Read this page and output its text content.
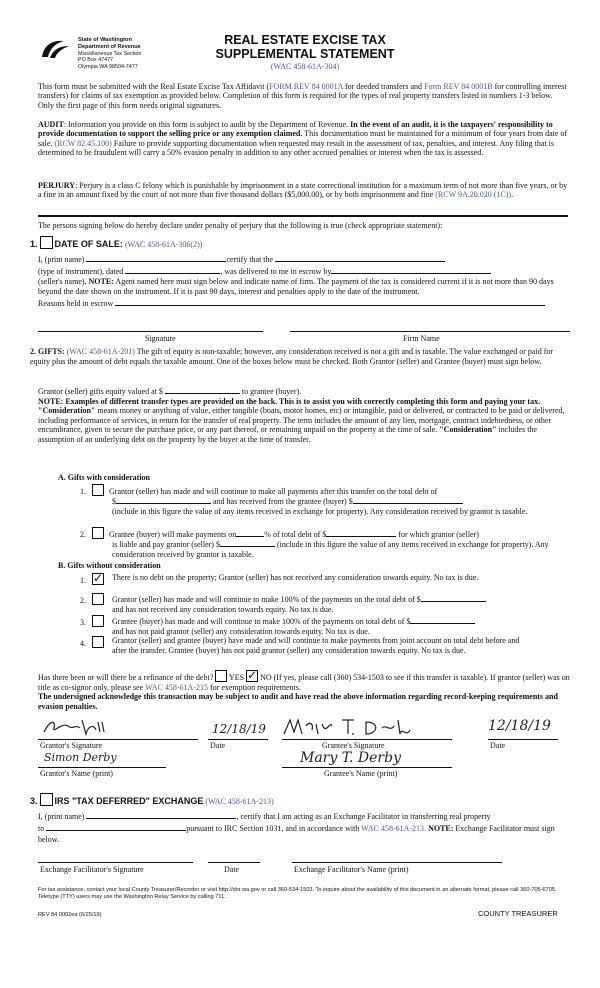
State of Washington
Department of Revenue
Miscellaneous Tax Section
PO Box 47477
Olympia WA 98504-7477
REAL ESTATE EXCISE TAX
SUPPLEMENTAL STATEMENT
(WAC 458-61A-304)
This form must be submitted with the Real Estate Excise Tax Affidavit (FORM REV 84 0001A for deeded transfers and Form REV 84 0001B for controlling interest transfers) for claims of tax exemption as provided below. Completion of this form is required for the types of real property transfers listed in numbers 1-3 below. Only the first page of this form needs original signatures.
AUDIT: Information you provide on this form is subject to audit by the Department of Revenue. In the event of an audit, it is the taxpayers' responsibility to provide documentation to support the selling price or any exemption claimed. This documentation must be maintained for a minimum of four years from date of sale. (RCW 82.45.100) Failure to provide supporting documentation when requested may result in the assessment of tax, penalties, and interest. Any filing that is determined to be fraudulent will carry a 50% evasion penalty in addition to any other accrued penalties or interest when the tax is assessed.
PERJURY: Perjury is a class C felony which is punishable by imprisonment in a state correctional institution for a maximum term of not more than five years, or by a fine in an amount fixed by the court of not more than five thousand dollars ($5,000.00), or by both imprisonment and fine (RCW 9A.20.020 (1C)).
The persons signing below do hereby declare under penalty of perjury that the following is true (check appropriate statement):
1. DATE OF SALE: (WAC 458-61A-306(2))
I, (print name)	certify that the
(type of instrument), dated	, was delivered to me in escrow by
(seller's name). NOTE: Agent named here must sign below and indicate name of firm. The payment of the tax is considered current if it is not more than 90 days beyond the date shown on the instrument. If it is past 90 days, interest and penalties apply to the date of the instrument.
Reasons held in escrow
Signature	Firm Name
2. GIFTS: (WAC 458-61A-201) The gift of equity is non-taxable; however, any consideration received is not a gift and is taxable. The value exchanged or paid for equity plus the amount of debt equals the taxable amount. One of the boxes below must be checked. Both Grantor (seller) and Grantee (buyer) must sign below.
Grantor (seller) gifts equity valued at $	to grantee (buyer).
NOTE: Examples of different transfer types are provided on the back. This is to assist you with correctly completing this form and paying your tax.
"Consideration" means money or anything of value, either tangible (boats, motor homes, etc) or intangible, paid or delivered, or contracted to be paid or delivered, including performance of services, in return for the transfer of real property. The term includes the amount of any lien, mortgage, contract indebtedness, or other encumbrance, given to secure the purchase price, or any part thereof, or remaining unpaid on the property at the time of sale. "Consideration" includes the assumption of an underlying debt on the property by the buyer at the time of transfer.
A. Gifts with consideration
1.	Grantor (seller) has made and will continue to make all payments after this transfer on the total debt of
$	and has received from the grantee (buyer) $
(include in this figure the value of any items received in exchange for property). Any consideration received by grantor is taxable.
2.	Grantee (buyer) will make payments on	% of total debt of $	for which grantor (seller)
is liable and pay grantor (seller) $	(include in this figure the value of any items received in exchange for property). Any consideration received by grantor is taxable.
B. Gifts without consideration
1. ✓ There is no debt on the property; Grantor (seller) has not received any consideration towards equity. No tax is due.
2.	Grantor (seller) has made and will continue to make 100% of the payments on the total debt of $
and has not received any consideration towards equity. No tax is due.
3.	Grantee (buyer) has made and will continue to make 100% of the payments on total debt of $
and has not paid grantor (seller) any consideration towards equity. No tax is due.
4.	Grantor (seller) and grantee (buyer) have made and will continue to make payments from joint account on total debt before and after the transfer. Grantee (buyer) has not paid grantor (seller) any consideration towards equity. No tax is due.
Has there been or will there be a refinance of the debt? YES ✓ NO (If yes, please call (360) 534-1503 to see if this transfer is taxable). If grantor (seller) was on title as co-signor only, please see WAC 458-61A-215 for exemption requirements.
The undersigned acknowledge this transaction may be subject to audit and have read the above information regarding record-keeping requirements and evasion penalties.
Grantor's Signature
12/18/19
Date	Grantee's Signature
12/18/19
Date
Simon Derby
Grantor's Name (print)
Mary T. Derby
Grantee's Name (print)
3. IRS "TAX DEFERRED" EXCHANGE (WAC 458-61A-213)
I, (print name)	, certify that I am acting as an Exchange Facilitator in transferring real property
to	pursuant to IRC Section 1031, and in accordance with WAC 458-61A-213. NOTE: Exchange Facilitator must sign below.
Exchange Facilitator's Signature	Date	Exchange Facilitator's Name (print)
For tax assistance, contact your local County Treasurer/Recorder or visit http://dor.wa.gov or call 360-534-1503. To inquire about the availability of this document in an alternate format, please call 360-705-6705. Teletype (TTY) users may use the Washington Relay Service by calling 711.
REV 84 0002ea (6/25/19)	COUNTY TREASURER
